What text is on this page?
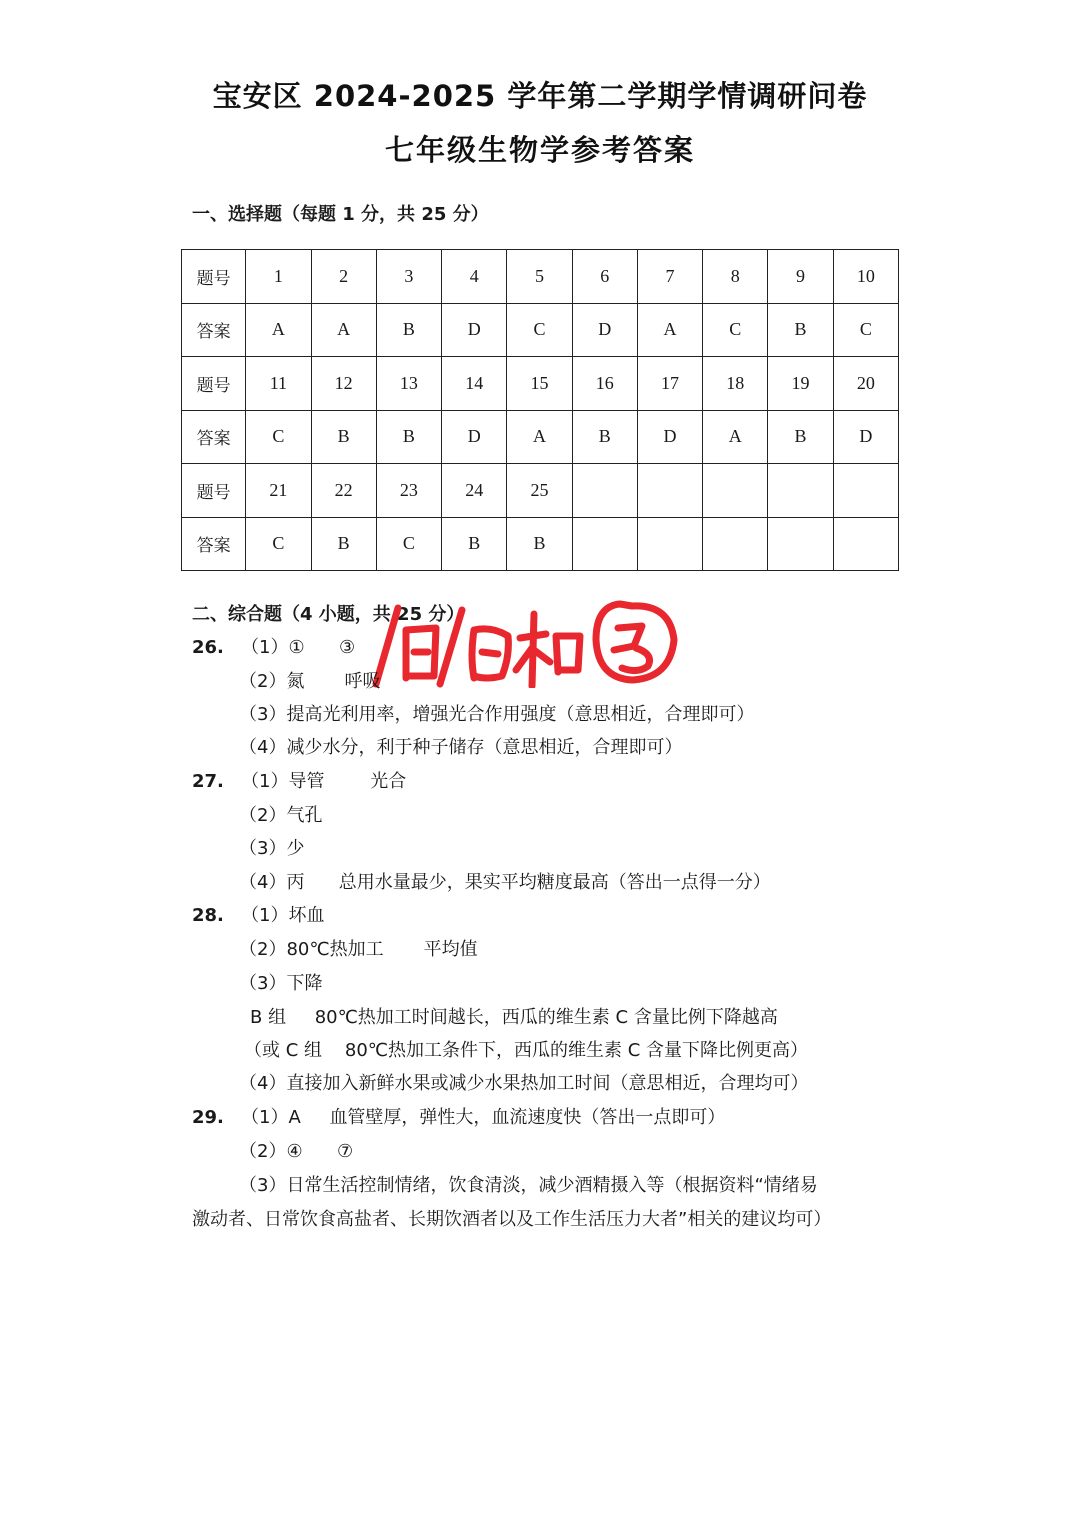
宝安区 2024-2025 学年第二学期学情调研问卷
七年级生物学参考答案
一、选择题（每题 1 分，共 25 分）
题号	1	2	3	4	5	6	7	8	9	10
答案	A	A	B	D	C	D	A	C	B	C
题号	11	12	13	14	15	16	17	18	19	20
答案	C	B	B	D	A	B	D	A	B	D
题号	21	22	23	24	25					
答案	C	B	C	B	B					
二、综合题（4 小题，共 25 分）
26. （1）① ③
（2）氮 呼吸
（3）提高光利用率，增强光合作用强度（意思相近，合理即可）
（4）减少水分，利于种子储存（意思相近，合理即可）
27. （1）导管	光合
（2）气孔
（3）少
（4）丙 总用水量最少，果实平均糖度最高（答出一点得一分）
28. （1）坏血
（2）80℃热加工 平均值
（3）下降
B 组 80℃热加工时间越长，西瓜的维生素 C 含量比例下降越高
（或 C 组 80℃热加工条件下，西瓜的维生素 C 含量下降比例更高）
（4）直接加入新鲜水果或减少水果热加工时间（意思相近，合理均可）
29. （1）A 血管壁厚，弹性大，血流速度快（答出一点即可）
（2）④ ⑦
（3）日常生活控制情绪，饮食清淡，减少酒精摄入等（根据资料“情绪易
激动者、日常饮食高盐者、长期饮酒者以及工作生活压力大者”相关的建议均可）
